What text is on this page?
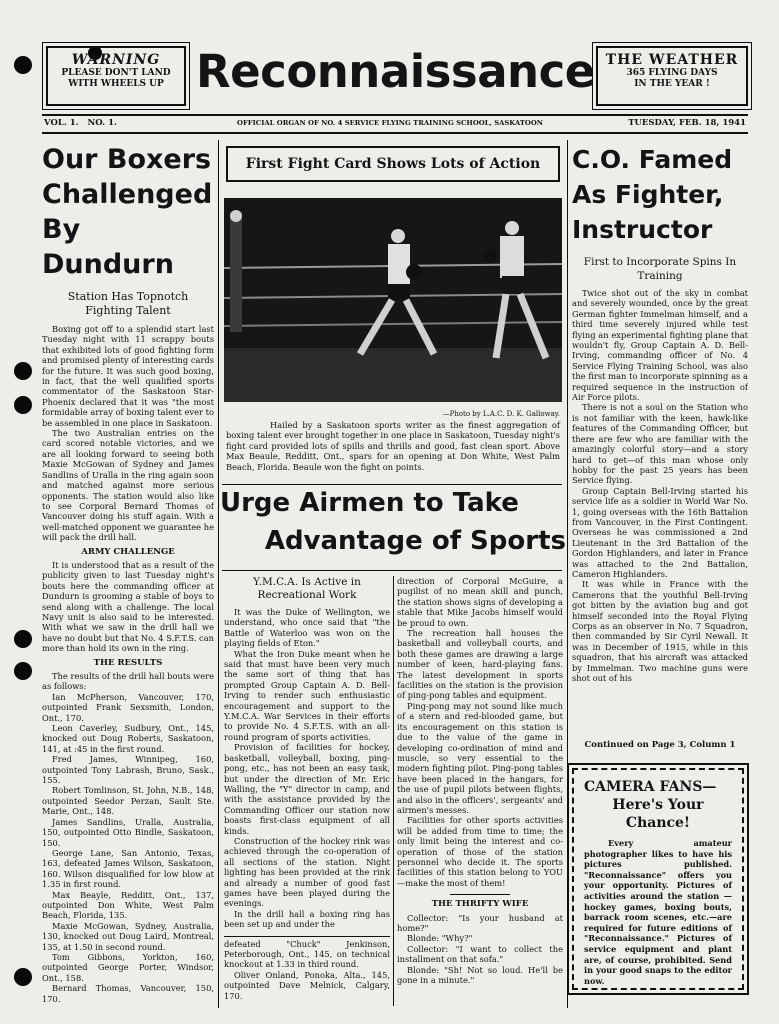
WARNING
PLEASE DON'T LAND
WITH WHEELS UP Reconnaissance THE WEATHER
365 FLYING DAYS
IN THE YEAR !
VOL. 1.   NO. 1.	OFFICIAL ORGAN OF NO. 4 SERVICE FLYING TRAINING SCHOOL, SASKATOON	TUESDAY, FEB. 18, 1941
Our Boxers Challenged By Dundurn
Station Has Topnotch Fighting Talent

Boxing got off to a splendid start last Tuesday night with 11 scrappy bouts that exhibited lots of good fighting form and promised plenty of interesting cards for the future. It was such good boxing, in fact, that the well qualified sports commentator of the Saskatoon Star-Phoenix declared that it was "the most formidable array of boxing talent ever to be assembled in one place in Saskatoon.

The two Australian entries on the card scored notable victories, and we are all looking forward to seeing both Maxie McGowan of Sydney and James Sandlins of Uralla in the ring again soon and matched against more serious opponents. The station would also like to see Corporal Bernard Thomas of Vancouver doing his stuff again. With a well-matched opponent we guarantee he will pack the drill hall.

ARMY CHALLENGE

It is understood that as a result of the publicity given to last Tuesday night's bouts here the commanding officer at Dundurn is grooming a stable of boys to send along with a challenge. The local Navy unit is also said to be interested. With what we saw in the drill hall we have no doubt but that No. 4 S.F.T.S. can more than hold its own in the ring.

THE RESULTS

The results of the drill hall bouts were as follows:

Ian McPherson, Vancouver, 170, outpointed Frank Sexsmith, London, Ont., 170.

Leon Caverley, Sudbury, Ont., 145, knocked out Doug Roberts, Saskatoon, 141, at :45 in the first round.

Fred James, Winnipeg, 160, outpointed Tony Labrash, Bruno, Sask., 155.

Robert Tomlinson, St. John, N.B., 148, outpointed Seedor Perzan, Sault Ste. Marie, Ont., 148.

James Sandlins, Uralla, Australia, 150, outpointed Otto Bindle, Saskatoon, 150.

George Lane, San Antonio, Texas, 163, defeated James Wilson, Saskatoon, 160. Wilson disqualified for low blow at 1.35 in first round.

Max Beayle, Redditt, Ont., 137, outpointed Don White, West Palm Beach, Florida, 135.

Maxie McGowan, Sydney, Australia, 130, knocked out Doug Laird, Montreal, 135, at 1.50 in second round.

Tom Gibbons, Yorkton, 160, outpointed George Porter, Windsor, Ont., 158.

Bernard Thomas, Vancouver, 150, 170.

First Fight Card Shows Lots of Action
—Photo by L.A.C. D. K. Galloway.

Hailed by a Saskatoon sports writer as the finest aggregation of boxing talent ever brought together in one place in Saskatoon, Tuesday night's fight card provided lots of spills and thrills and good, fast clean sport. Above Max Beaule, Redditt, Ont., spars for an opening at Don White, West Palm Beach, Florida. Beaule won the fight on points.

Urge Airmen to Take
Advantage of Sports
Y.M.C.A. Is Active in Recreational Work

It was the Duke of Wellington, we understand, who once said that "the Battle of Waterloo was won on the playing fields of Eton."

What the Iron Duke meant when he said that must have been very much the same sort of thing that has prompted Group Captain A. D. Bell-Irving to render such enthusiastic encouragement and support to the Y.M.C.A. War Services in their efforts to provide No. 4 S.F.T.S. with an all-round program of sports activities.

Provision of facilities for hockey, basketball, volleyball, boxing, ping-pong, etc., has not been an easy task, but under the direction of Mr. Eric Walling, the "Y" director in camp, and with the assistance provided by the Commanding Officer our station now boasts first-class equipment of all kinds.

Construction of the hockey rink was achieved through the co-operation of all sections of the station. Night lighting has been provided at the rink and already a number of good fast games have been played during the evenings.

In the drill hall a boxing ring has been set up and under the

defeated "Chuck" Jenkinson, Peterborough, Ont., 145, on technical knockout at 1.33 in third round.

Oliver Onland, Ponoka, Alta., 145, outpointed Dave Melnick, Calgary, 170.

direction of Corporal McGuire, a pugilist of no mean skill and punch, the station shows signs of developing a stable that Mike Jacobs himself would be proud to own.

The recreation hall houses the basketball and volleyball courts, and both these games are drawing a large number of keen, hard-playing fans. The latest development in sports facilities on the station is the provision of ping-pong tables and equipment.

Ping-pong may not sound like much of a stern and red-blooded game, but its encouragement on this station is due to the value of the game in developing co-ordination of mind and muscle, so very essential to the modern fighting pilot. Ping-pong tables have been placed in the hangars, for the use of pupil pilots between flights, and also in the officers', sergeants' and airmen's messes.

Facilities for other sports activities will be added from time to time; the only limit being the interest and co-operation of those of the station personnel who decide it. The sports facilities of this station belong to YOU—make the most of them!

THE THRIFTY WIFE

Collector: "Is your husband at home?"

Blonde: "Why?"

Collector: "I want to collect the installment on that sofa."

Blonde: "Sh! Not so loud. He'll be gone in a minute."

C.O. Famed As Fighter, Instructor
First to Incorporate Spins In Training

Twice shot out of the sky in combat and severely wounded, once by the great German fighter Immelman himself, and a third time severely injured while test flying an experimental fighting plane that wouldn't fly, Group Captain A. D. Bell-Irving, commanding officer of No. 4 Service Flying Training School, was also the first man to incorporate spinning as a required sequence in the instruction of Air Force pilots.

There is not a soul on the Station who is not familiar with the keen, hawk-like features of the Commanding Officer, but there are few who are familiar with the amazingly colorful story—and a story hard to get—of this man whose only hobby for the past 25 years has been Service flying.

Group Captain Bell-Irving started his service life as a soldier in World War No. 1, going overseas with the 16th Battalion from Vancouver, in the First Contingent. Overseas he was commissioned a 2nd Lieutenant in the 3rd Battalion of the Gordon Highlanders, and later in France was attached to the 2nd Battalion, Cameron Highlanders.

It was while in France with the Camerons that the youthful Bell-Irving got bitten by the aviation bug and got himself seconded into the Royal Flying Corps as an observer in No. 7 Squadron, then commanded by Sir Cyril Newall. It was in December of 1915, while in this squadron, that his aircraft was attacked by Immelman. Two machine guns were shot out of his

Continued on Page 3, Column 1
CAMERA FANS—
Here's Your Chance!

Every amateur photographer likes to have his pictures published. "Reconnaissance" offers you your opportunity. Pictures of activities around the station — hockey games, boxing bouts, barrack room scenes, etc.—are required for future editions of "Reconnaissance." Pictures of service equipment and plant are, of course, prohibited. Send in your good snaps to the editor now.
